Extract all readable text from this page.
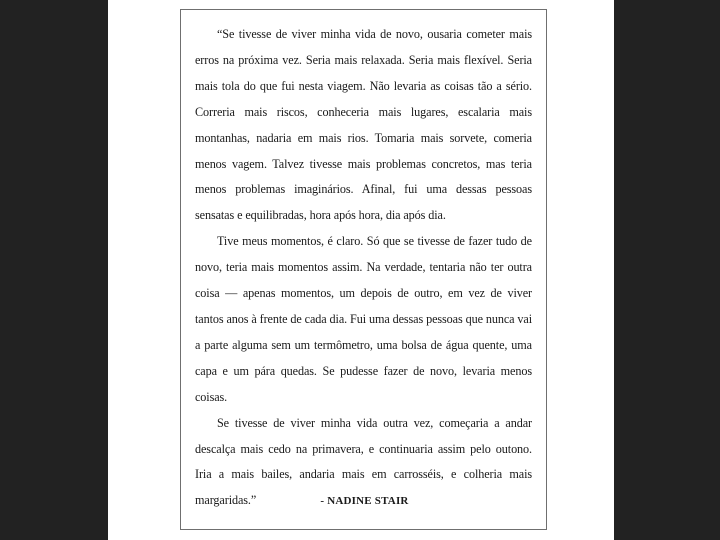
“Se tivesse de viver minha vida de novo, ousaria cometer mais erros na próxima vez. Seria mais relaxada. Seria mais flexível. Seria mais tola do que fui nesta viagem. Não levaria as coisas tão a sério. Correria mais riscos, conheceria mais lugares, escalaria mais montanhas, nadaria em mais rios. Tomaria mais sorvete, comeria menos vagem. Talvez tivesse mais problemas concretos, mas teria menos problemas imaginários. Afinal, fui uma dessas pessoas sensatas e equilibradas, hora após hora, dia após dia.

Tive meus momentos, é claro. Só que se tivesse de fazer tudo de novo, teria mais momentos assim. Na verdade, tentaria não ter outra coisa — apenas momentos, um depois de outro, em vez de viver tantos anos à frente de cada dia. Fui uma dessas pessoas que nunca vai a parte alguma sem um termômetro, uma bolsa de água quente, uma capa e um pára quedas. Se pudesse fazer de novo, levaria menos coisas.

Se tivesse de viver minha vida outra vez, começaria a andar descalça mais cedo na primavera, e continuaria assim pelo outono. Iria a mais bailes, andaria mais em carrosséis, e colheria mais margaridas.”	- NADINE STAIR
